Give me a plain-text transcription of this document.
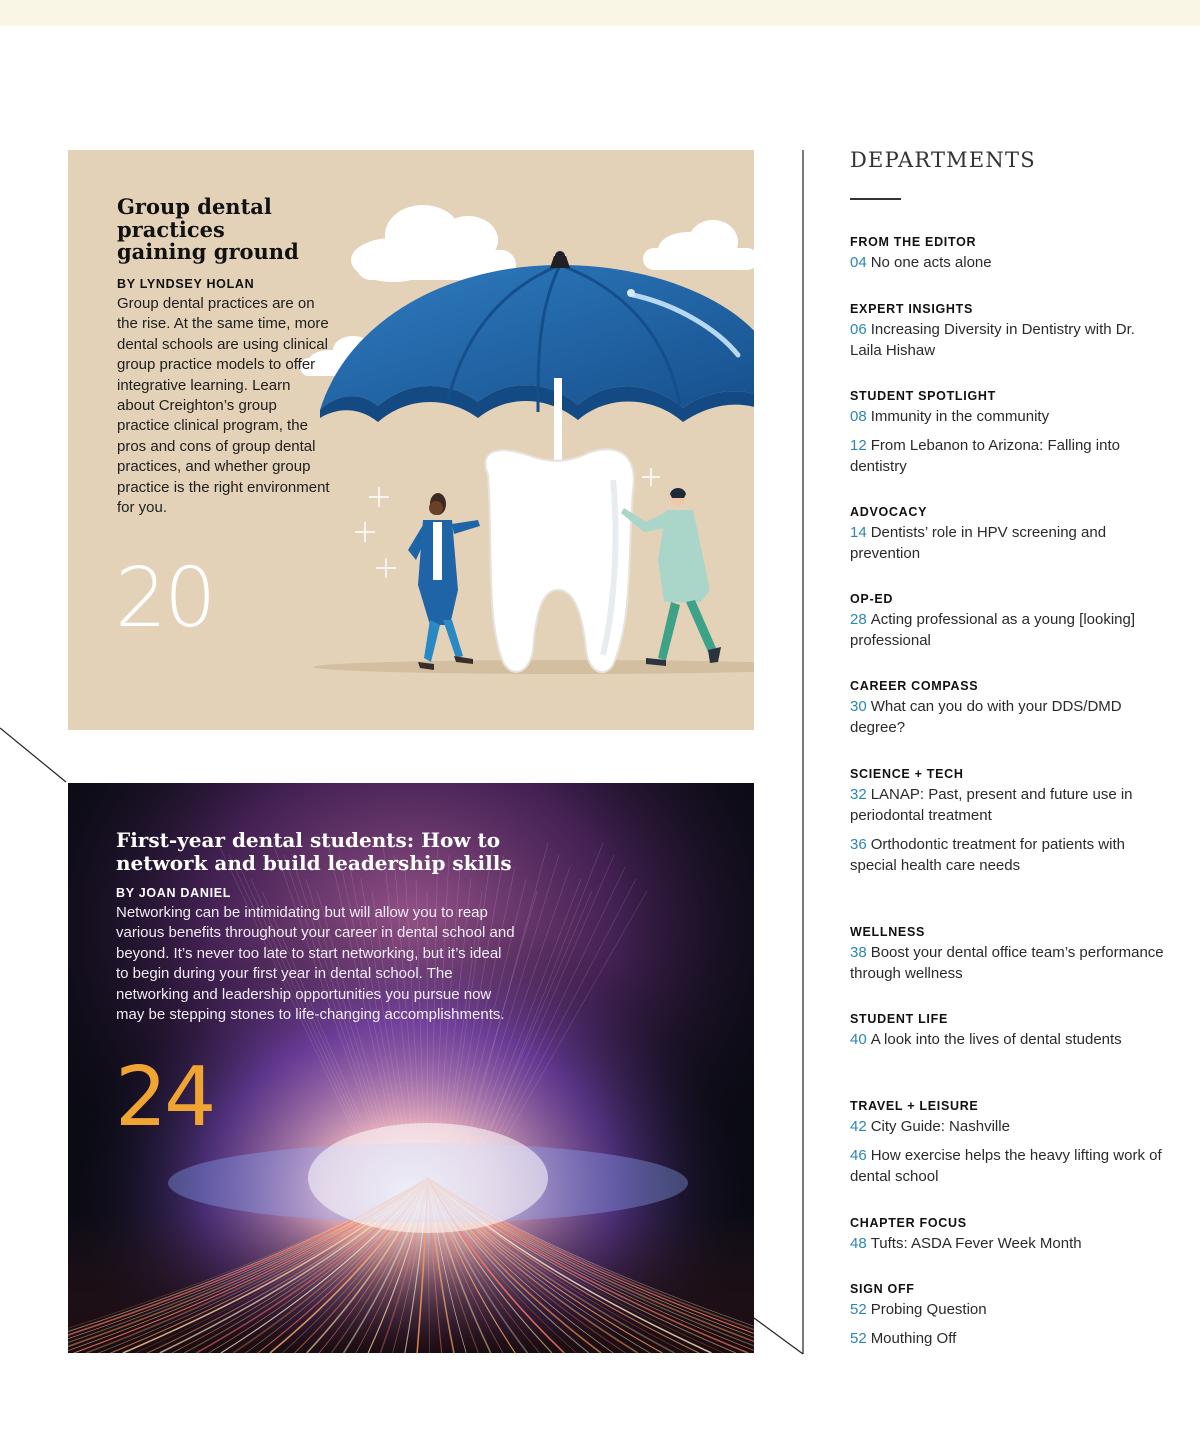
Group dental practices gaining ground
BY LYNDSEY HOLAN

Group dental practices are on the rise. At the same time, more dental schools are using clinical group practice models to offer integrative learning. Learn about Creighton’s group practice clinical program, the pros and cons of group dental practices, and whether group practice is the right environment for you.

20
First-year dental students: How to network and build leadership skills
BY JOAN DANIEL

Networking can be intimidating but will allow you to reap various benefits throughout your career in dental school and beyond. It’s never too late to start networking, but it’s ideal to begin during your first year in dental school. The networking and leadership opportunities you pursue now may be stepping stones to life-changing accomplishments.

24
DEPARTMENTS
FROM THE EDITOR
04 No one acts alone
EXPERT INSIGHTS
06 Increasing Diversity in Dentistry with Dr. Laila Hishaw
STUDENT SPOTLIGHT
08 Immunity in the community
12 From Lebanon to Arizona: Falling into dentistry
ADVOCACY
14 Dentists’ role in HPV screening and prevention
OP-ED
28 Acting professional as a young [looking] professional
CAREER COMPASS
30 What can you do with your DDS/DMD degree?
SCIENCE + TECH
32 LANAP: Past, present and future use in periodontal treatment
36 Orthodontic treatment for patients with special health care needs
WELLNESS
38 Boost your dental office team’s performance through wellness
STUDENT LIFE
40 A look into the lives of dental students
TRAVEL + LEISURE
42 City Guide: Nashville
46 How exercise helps the heavy lifting work of dental school
CHAPTER FOCUS
48 Tufts: ASDA Fever Week Month
SIGN OFF
52 Probing Question
52 Mouthing Off
